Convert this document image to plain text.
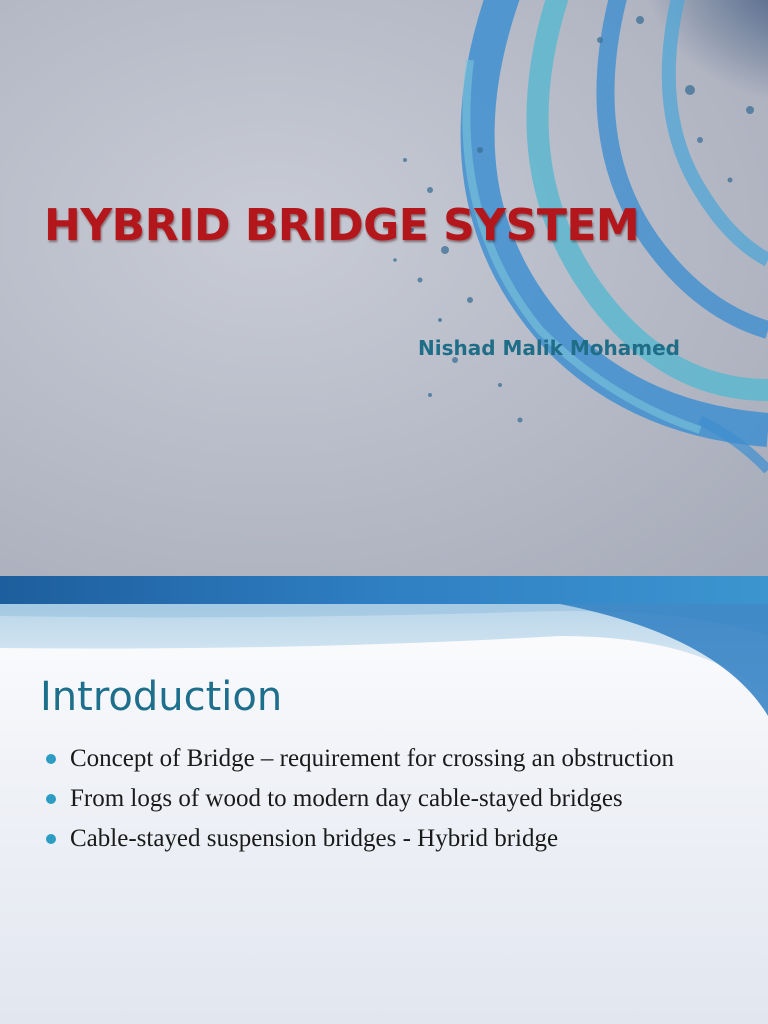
HYBRID BRIDGE SYSTEM
Nishad Malik Mohamed
Introduction
Concept of Bridge – requirement for crossing an obstruction
From logs of wood to modern day cable-stayed bridges
Cable-stayed suspension bridges - Hybrid bridge
